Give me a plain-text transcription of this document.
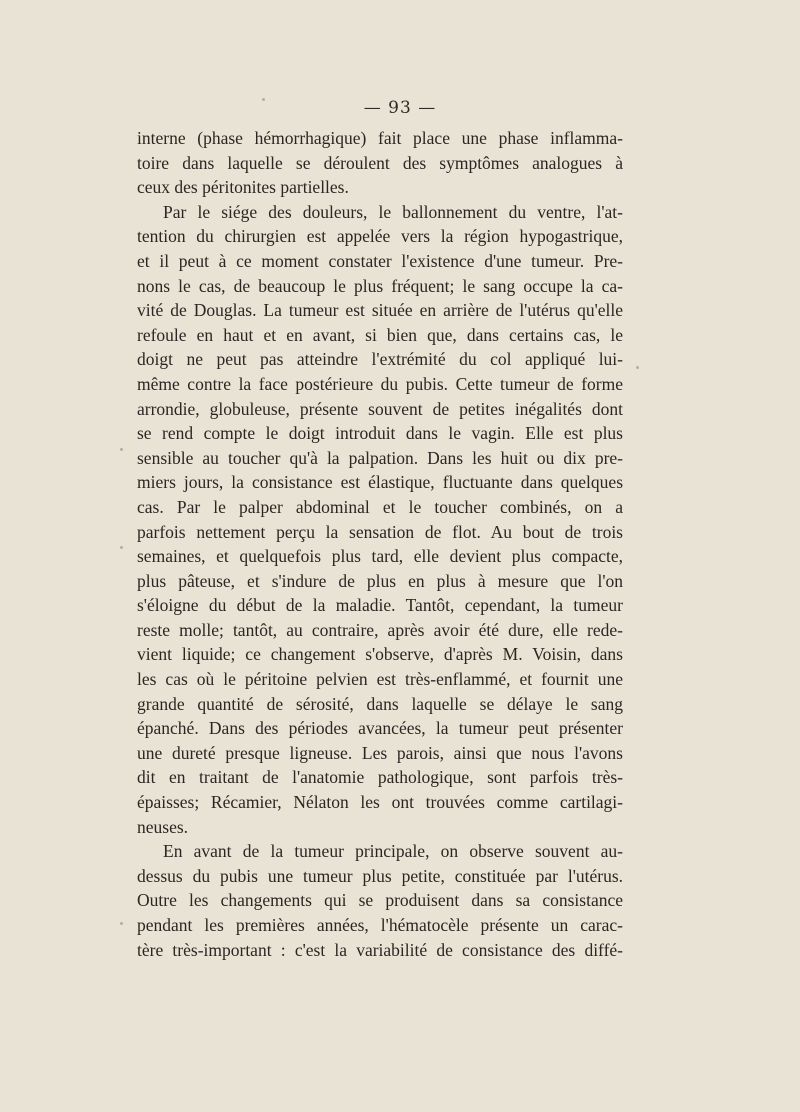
— 93 —
interne (phase hémorrhagique) fait place une phase inflamma-
toire dans laquelle se déroulent des symptômes analogues à
ceux des péritonites partielles.
Par le siége des douleurs, le ballonnement du ventre, l'at-
tention du chirurgien est appelée vers la région hypogastrique,
et il peut à ce moment constater l'existence d'une tumeur. Pre-
nons le cas, de beaucoup le plus fréquent; le sang occupe la ca-
vité de Douglas. La tumeur est située en arrière de l'utérus qu'elle
refoule en haut et en avant, si bien que, dans certains cas, le
doigt ne peut pas atteindre l'extrémité du col appliqué lui-
même contre la face postérieure du pubis. Cette tumeur de forme
arrondie, globuleuse, présente souvent de petites inégalités dont
se rend compte le doigt introduit dans le vagin. Elle est plus
sensible au toucher qu'à la palpation. Dans les huit ou dix pre-
miers jours, la consistance est élastique, fluctuante dans quelques
cas. Par le palper abdominal et le toucher combinés, on a
parfois nettement perçu la sensation de flot. Au bout de trois
semaines, et quelquefois plus tard, elle devient plus compacte,
plus pâteuse, et s'indure de plus en plus à mesure que l'on
s'éloigne du début de la maladie. Tantôt, cependant, la tumeur
reste molle; tantôt, au contraire, après avoir été dure, elle rede-
vient liquide; ce changement s'observe, d'après M. Voisin, dans
les cas où le péritoine pelvien est très-enflammé, et fournit une
grande quantité de sérosité, dans laquelle se délaye le sang
épanché. Dans des périodes avancées, la tumeur peut présenter
une dureté presque ligneuse. Les parois, ainsi que nous l'avons
dit en traitant de l'anatomie pathologique, sont parfois très-
épaisses; Récamier, Nélaton les ont trouvées comme cartilagi-
neuses.
En avant de la tumeur principale, on observe souvent au-
dessus du pubis une tumeur plus petite, constituée par l'utérus.
Outre les changements qui se produisent dans sa consistance
pendant les premières années, l'hématocèle présente un carac-
tère très-important : c'est la variabilité de consistance des diffé-
